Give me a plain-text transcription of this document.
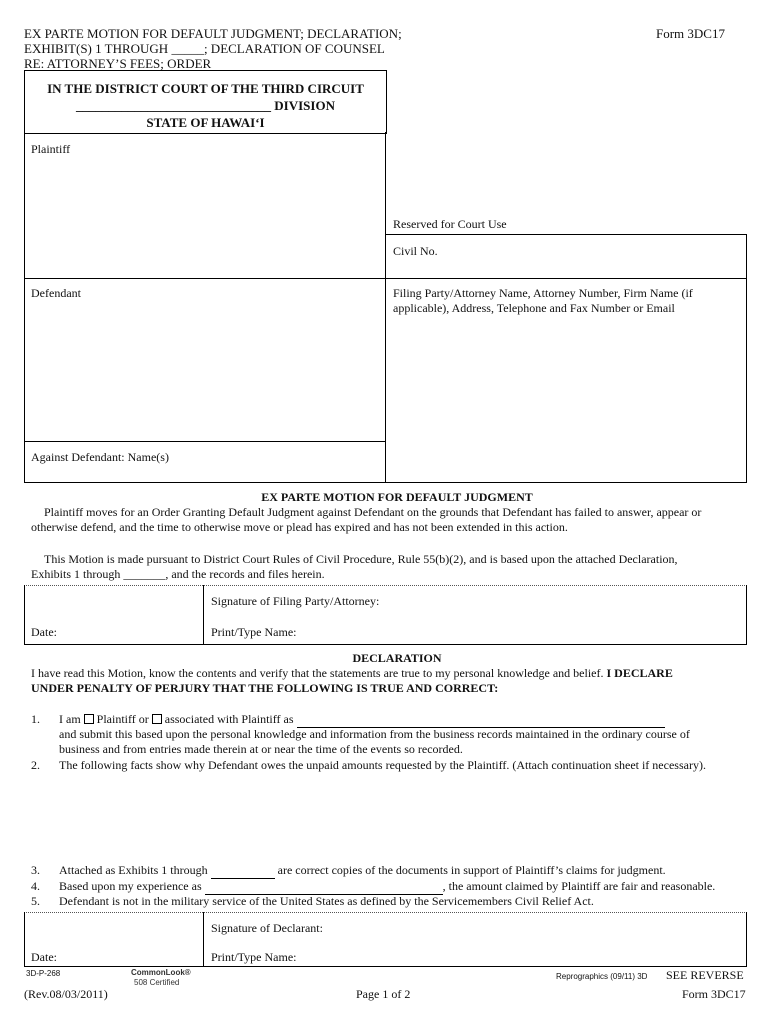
EX PARTE MOTION FOR DEFAULT JUDGMENT; DECLARATION;
EXHIBIT(S) 1 THROUGH _____; DECLARATION OF COUNSEL
RE: ATTORNEY’S FEES; ORDER
Form 3DC17
IN THE DISTRICT COURT OF THE THIRD CIRCUIT
______________________________ DIVISION
STATE OF HAWAI‘I
Plaintiff
Reserved for Court Use
Civil No.
Defendant	Filing Party/Attorney Name, Attorney Number, Firm Name (if applicable), Address, Telephone and Fax Number or Email
Against Defendant: Name(s)
EX PARTE MOTION FOR DEFAULT JUDGMENT
Plaintiff moves for an Order Granting Default Judgment against Defendant on the grounds that Defendant has failed to answer, appear or otherwise defend, and the time to otherwise move or plead has expired and has not been extended in this action.
This Motion is made pursuant to District Court Rules of Civil Procedure, Rule 55(b)(2), and is based upon the attached Declaration,
Exhibits 1 through _______, and the records and files herein.
Signature of Filing Party/Attorney:
Date:	Print/Type Name:
DECLARATION
I have read this Motion, know the contents and verify that the statements are true to my personal knowledge and belief. I DECLARE
UNDER PENALTY OF PERJURY THAT THE FOLLOWING IS TRUE AND CORRECT:
1. I am Plaintiff or associated with Plaintiff as
and submit this based upon the personal knowledge and information from the business records maintained in the ordinary course of
business and from entries made therein at or near the time of the events so recorded.
2. The following facts show why Defendant owes the unpaid amounts requested by the Plaintiff. (Attach continuation sheet if necessary).
3. Attached as Exhibits 1 through	are correct copies of the documents in support of Plaintiff’s claims for judgment.
4. Based upon my experience as	, the amount claimed by Plaintiff are fair and reasonable.
5. Defendant is not in the military service of the United States as defined by the Servicemembers Civil Relief Act.
Signature of Declarant:
Date:	Print/Type Name:
3D-P-268	CommonLook®
508 Certified
Reprographics (09/11) 3D SEE REVERSE
(Rev.08/03/2011)	Page 1 of 2	Form 3DC17
